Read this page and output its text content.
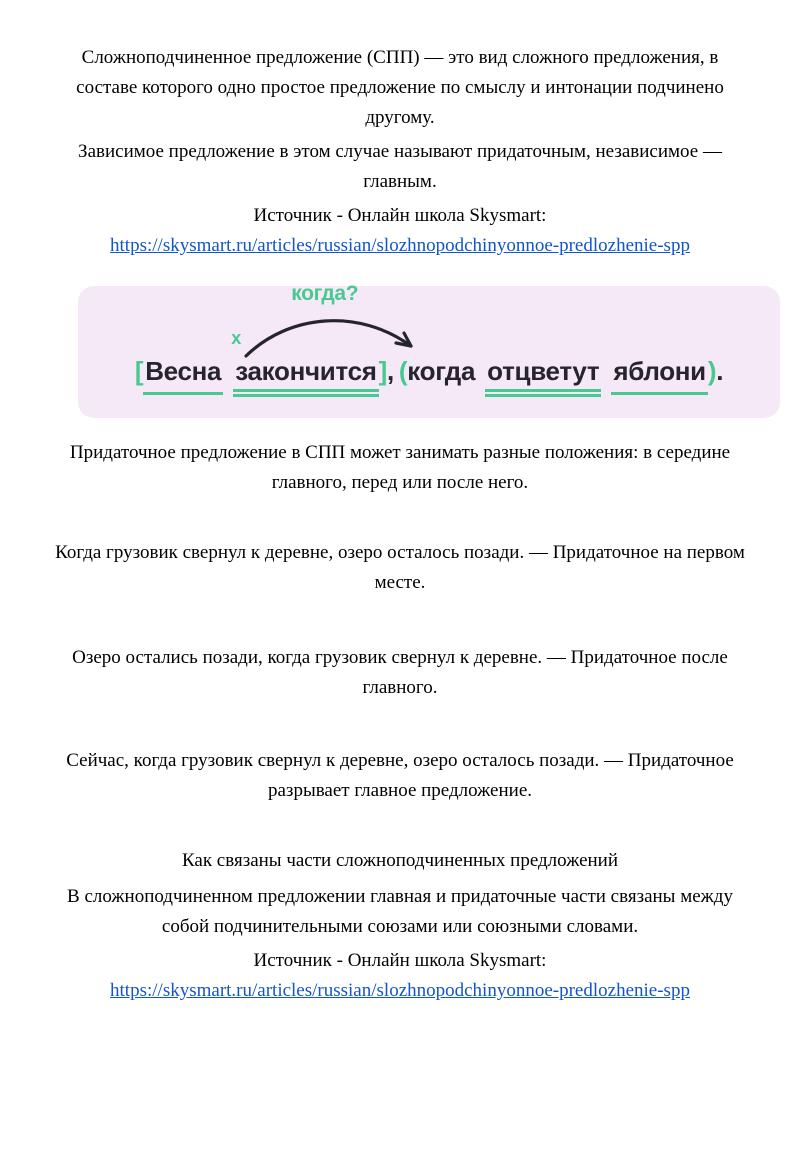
Сложноподчиненное предложение (СПП) — это вид сложного предложения, в составе которого одно простое предложение по смыслу и интонации подчинено другому.

Зависимое предложение в этом случае называют придаточным, независимое — главным.

Источник - Онлайн школа Skysmart:

https://skysmart.ru/articles/russian/slozhnopodchinyonnoe-predlozhenie-spp

[ Весна
х
когда?
закончится ] , ( когда отцветут яблони ) .

Придаточное предложение в СПП может занимать разные положения: в середине главного, перед или после него.

Когда грузовик свернул к деревне, озеро осталось позади. — Придаточное на первом месте.

Озеро остались позади, когда грузовик свернул к деревне. — Придаточное после главного.

Сейчас, когда грузовик свернул к деревне, озеро осталось позади. — Придаточное разрывает главное предложение.

Как связаны части сложноподчиненных предложений

В сложноподчиненном предложении главная и придаточные части связаны между собой подчинительными союзами или союзными словами.

Источник - Онлайн школа Skysmart:

https://skysmart.ru/articles/russian/slozhnopodchinyonnoe-predlozhenie-spp
